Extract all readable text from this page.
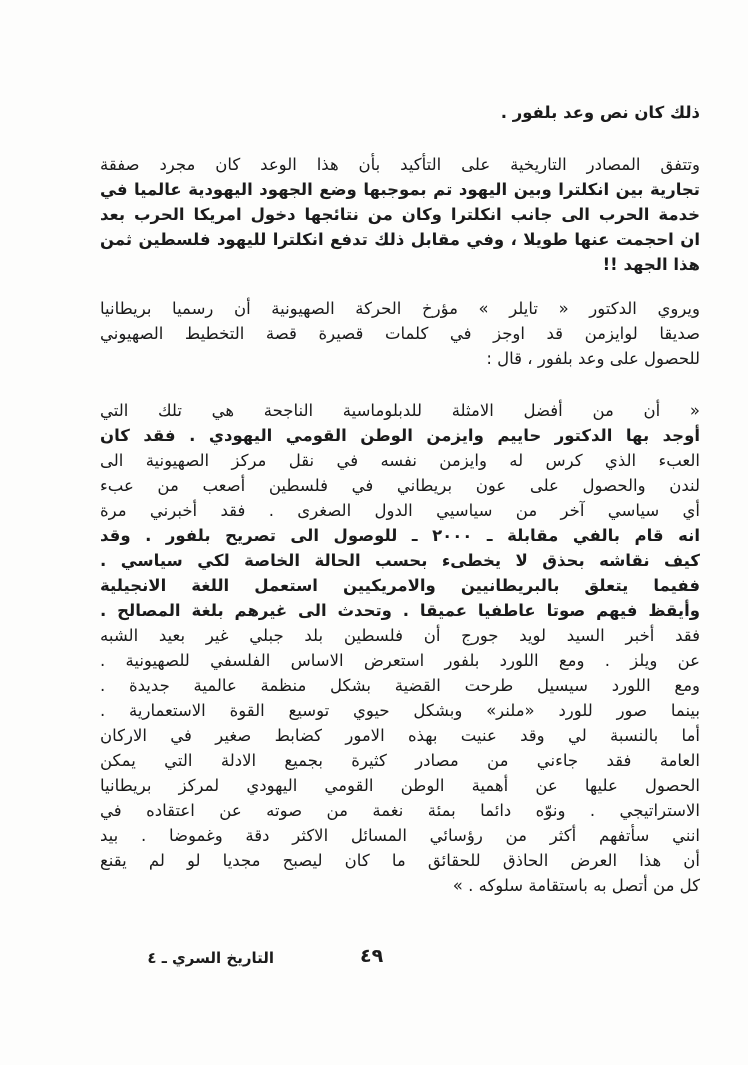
ذلك كان نص وعد بلفور .
وتتفق المصادر التاريخية على التأكيد بأن هذا الوعد كان مجرد صفقة
تجارية بين انكلترا وبين اليهود تم بموجبها وضع الجهود اليهودية عالميا في
خدمة الحرب الى جانب انكلترا وكان من نتائجها دخول امريكا الحرب بعد
ان احجمت عنها طويلا ، وفي مقابل ذلك تدفع انكلترا لليهود فلسطين ثمن
هذا الجهد !!
ويروي الدكتور « تايلر » مؤرخ الحركة الصهيونية أن رسميا بريطانيا
صديقا لوايزمن قد اوجز في كلمات قصيرة قصة التخطيط الصهيوني
للحصول على وعد بلفور ، قال :
« أن من أفضل الامثلة للدبلوماسية الناجحة هي تلك التي
أوجد بها الدكتور حاييم وايزمن الوطن القومي اليهودي . فقد كان
العبء الذي كرس له وايزمن نفسه في نقل مركز الصهيونية الى
لندن والحصول على عون بريطاني في فلسطين أصعب من عبء
أي سياسي آخر من سياسيي الدول الصغرى . فقد أخبرني مرة
انه قام بالفي مقابلة ـ ٢٠٠٠ ـ للوصول الى تصريح بلفور . وقد
كيف نقاشه بحذق لا يخطىء بحسب الحالة الخاصة لكي سياسي .
ففيما يتعلق بالبريطانيين والامريكيين استعمل اللغة الانجيلية
وأيقظ فيهم صوتا عاطفيا عميقا . وتحدث الى غيرهم بلغة المصالح .
فقد أخبر السيد لويد جورج أن فلسطين بلد جبلي غير بعيد الشبه
عن ويلز . ومع اللورد بلفور استعرض الاساس الفلسفي للصهيونية .
ومع اللورد سيسيل طرحت القضية بشكل منظمة عالمية جديدة .
بينما صور للورد «ملنر» وبشكل حيوي توسيع القوة الاستعمارية .
أما بالنسبة لي وقد عنيت بهذه الامور كضابط صغير في الاركان
العامة فقد جاءني من مصادر كثيرة بجميع الادلة التي يمكن
الحصول عليها عن أهمية الوطن القومي اليهودي لمركز بريطانيا
الاستراتيجي . ونوّه دائما بمئة نغمة من صوته عن اعتقاده في
انني سأتفهم أكثر من رؤسائي المسائل الاكثر دقة وغموضا . بيد
أن هذا العرض الحاذق للحقائق ما كان ليصبح مجديا لو لم يقنع
كل من أتصل به باستقامة سلوكه . »
التاريخ السري ـ ٤	٤٩
